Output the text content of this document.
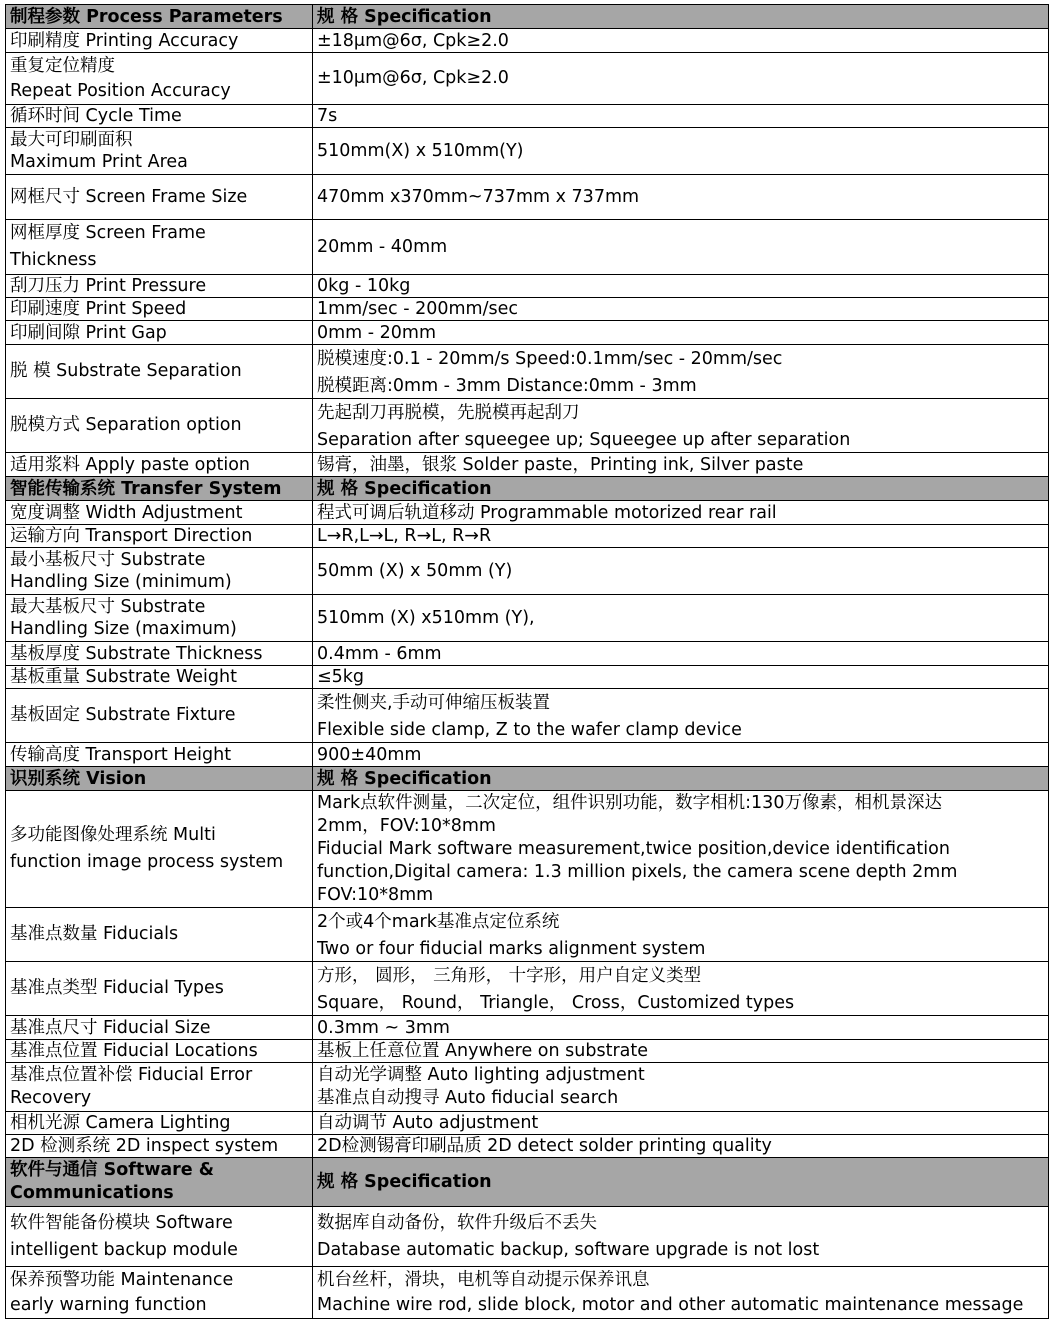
制程参数 Process Parameters	规 格 Specification

印刷精度 Printing Accuracy	±18μm@6σ, Cpk≥2.0

重复定位精度
Repeat Position Accuracy	±10μm@6σ, Cpk≥2.0

循环时间 Cycle Time	7s

最大可印刷面积
Maximum Print Area	510mm(X) x 510mm(Y)

网框尺寸 Screen Frame Size	470mm x370mm~737mm x 737mm

网框厚度 Screen Frame
Thickness	20mm - 40mm

刮刀压力 Print Pressure	0kg - 10kg

印刷速度 Print Speed	1mm/sec - 200mm/sec

印刷间隙 Print Gap	0mm - 20mm

脱 模 Substrate Separation	脱模速度:0.1 - 20mm/s Speed:0.1mm/sec - 20mm/sec
脱模距离:0mm - 3mm Distance:0mm - 3mm

脱模方式 Separation option	先起刮刀再脱模，先脱模再起刮刀
Separation after squeegee up; Squeegee up after separation

适用浆料 Apply paste option	锡膏，油墨，银浆 Solder paste，Printing ink, Silver paste

智能传输系统 Transfer System	规 格 Specification

宽度调整 Width Adjustment	程式可调后轨道移动 Programmable motorized rear rail

运输方向 Transport Direction	L→R,L→L, R→L, R→R

最小基板尺寸 Substrate
Handling Size (minimum)	50mm (X) x 50mm (Y)

最大基板尺寸 Substrate
Handling Size (maximum)	510mm (X) x510mm (Y),

基板厚度 Substrate Thickness	0.4mm - 6mm

基板重量 Substrate Weight	≤5kg

基板固定 Substrate Fixture	柔性侧夹,手动可伸缩压板装置
Flexible side clamp, Z to the wafer clamp device

传输高度 Transport Height	900±40mm

识别系统 Vision	规 格 Specification

多功能图像处理系统 Multi
function image process system	Mark点软件测量，二次定位，组件识别功能，数字相机:130万像素，相机景深达
2mm，FOV:10*8mm
Fiducial Mark software measurement,twice position,device identification
function,Digital camera: 1.3 million pixels, the camera scene depth 2mm
FOV:10*8mm

基准点数量 Fiducials	2个或4个mark基准点定位系统
Two or four fiducial marks alignment system

基准点类型 Fiducial Types	方形， 圆形， 三角形， 十字形，用户自定义类型
Square， Round， Triangle， Cross，Customized types

基准点尺寸 Fiducial Size	0.3mm ~ 3mm

基准点位置 Fiducial Locations	基板上任意位置 Anywhere on substrate

基准点位置补偿 Fiducial Error
Recovery	自动光学调整 Auto lighting adjustment
基准点自动搜寻 Auto fiducial search

相机光源 Camera Lighting	自动调节 Auto adjustment

2D 检测系统 2D inspect system	2D检测锡膏印刷品质 2D detect solder printing quality

软件与通信 Software &
Communications	规 格 Specification

软件智能备份模块 Software
intelligent backup module	数据库自动备份，软件升级后不丢失
Database automatic backup, software upgrade is not lost

保养预警功能 Maintenance
early warning function	机台丝杆，滑块，电机等自动提示保养讯息
Machine wire rod, slide block, motor and other automatic maintenance message
